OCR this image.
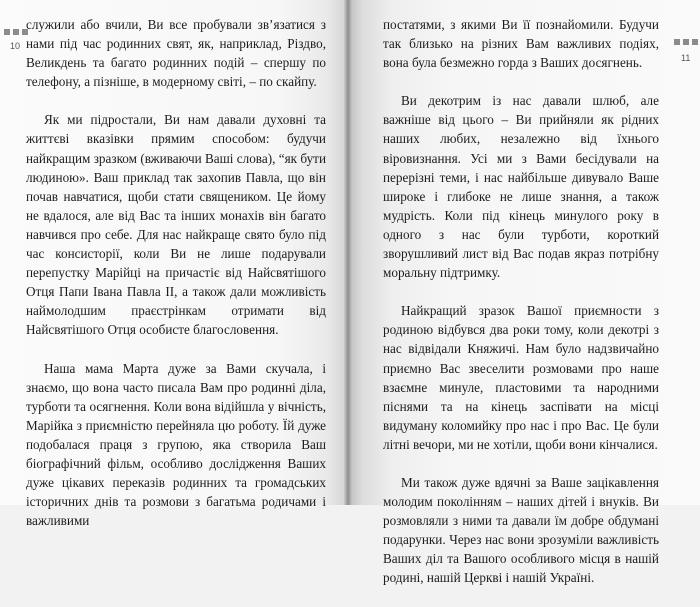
10

служили або вчили, Ви все пробували зв’язатися з нами під час родинних свят, як, наприклад, Різдво, Великдень та багато родинних подій – спершу по телефону, а пізніше, в модерному світі, – по скайпу.

Як ми підростали, Ви нам давали духовні та життєві вказівки прямим способом: будучи найкращим зразком (вживаючи Ваші слова), “як бути людиною». Ваш приклад так захопив Павла, що він почав навчатися, щоби стати священиком. Це йому не вдалося, але від Вас та інших монахів він багато навчився про себе. Для нас найкраще свято було під час консисторії, коли Ви не лише подарували перепустку Марійці на причастіє від Найсвятішого Отця Папи Івана Павла ІІ, а також дали можливість наймолодшим праєстрінкам отримати від Найсвятішого Отця особисте благословення.

Наша мама Марта дуже за Вами скучала, і знаємо, що вона часто писала Вам про родинні діла, турботи та осягнення. Коли вона відійшла у вічність, Марійка з приємністю перейняла цю роботу. Їй дуже подобалася праця з групою, яка створила Ваш біографічний фільм, особливо дослідження Ваших дуже цікавих переказів родинних та громадських історичних днів та розмови з багатьма родичами і важливими

11

постатями, з якими Ви її познайомили. Будучи так близько на різних Вам важливих подіях, вона була безмежно горда з Ваших досягнень.

Ви декотрим із нас давали шлюб, але важніше від цього – Ви прийняли як рідних наших любих, незалежно від їхнього віровизнання. Усі ми з Вами бесідували на перерізні теми, і нас найбільше дивувало Ваше широке і глибоке не лише знання, а також мудрість. Коли під кінець минулого року в одного з нас були турботи, короткий зворушливий лист від Вас подав якраз потрібну моральну підтримку.

Найкращий зразок Вашої приємности з родиною відбувся два роки тому, коли декотрі з нас відвідали Княжичі. Нам було надзвичайно приємно Вас звеселити розмовами про наше взаємне минуле, пластовими та народними піснями та на кінець заспівати на місці видуманy коломийку про нас і про Вас. Це були літні вечори, ми не хотіли, щоби вони кінчалися.

Ми також дуже вдячні за Ваше зацікавлення молодим поколінням – наших дітей і внуків. Ви розмовляли з ними та давали їм добре обдумані подарунки. Через нас вони зрозуміли важливість Ваших діл та Вашого особливого місця в нашій родині, нашій Церкві і нашій Україні.
